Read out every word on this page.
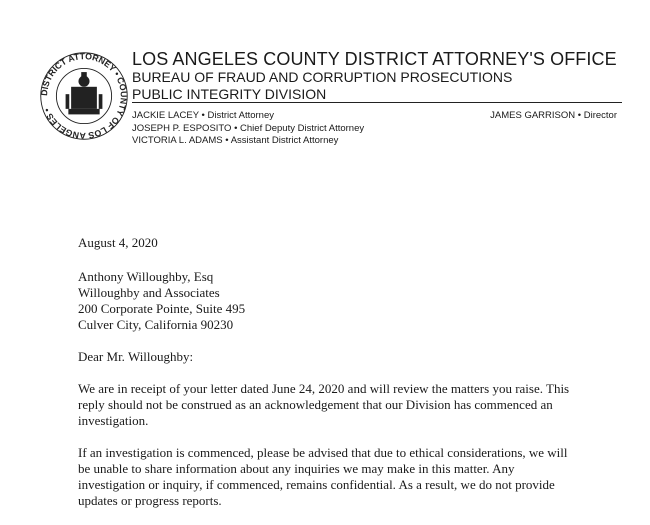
DISTRICT ATTORNEY • COUNTY OF LOS ANGELES •
LOS ANGELES COUNTY DISTRICT ATTORNEY'S OFFICE
BUREAU OF FRAUD AND CORRUPTION PROSECUTIONS
PUBLIC INTEGRITY DIVISION
JACKIE LACEY • District Attorney
JOSEPH P. ESPOSITO • Chief Deputy District Attorney
VICTORIA L. ADAMS • Assistant District Attorney
JAMES GARRISON • Director

August 4, 2020

Anthony Willoughby, Esq
Willoughby and Associates
200 Corporate Pointe, Suite 495
Culver City, California 90230

Dear Mr. Willoughby:

We are in receipt of your letter dated June 24, 2020 and will review the matters you raise. This reply should not be construed as an acknowledgement that our Division has commenced an investigation.

If an investigation is commenced, please be advised that due to ethical considerations, we will be unable to share information about any inquiries we may make in this matter. Any investigation or inquiry, if commenced, remains confidential. As a result, we do not provide updates or progress reports.
